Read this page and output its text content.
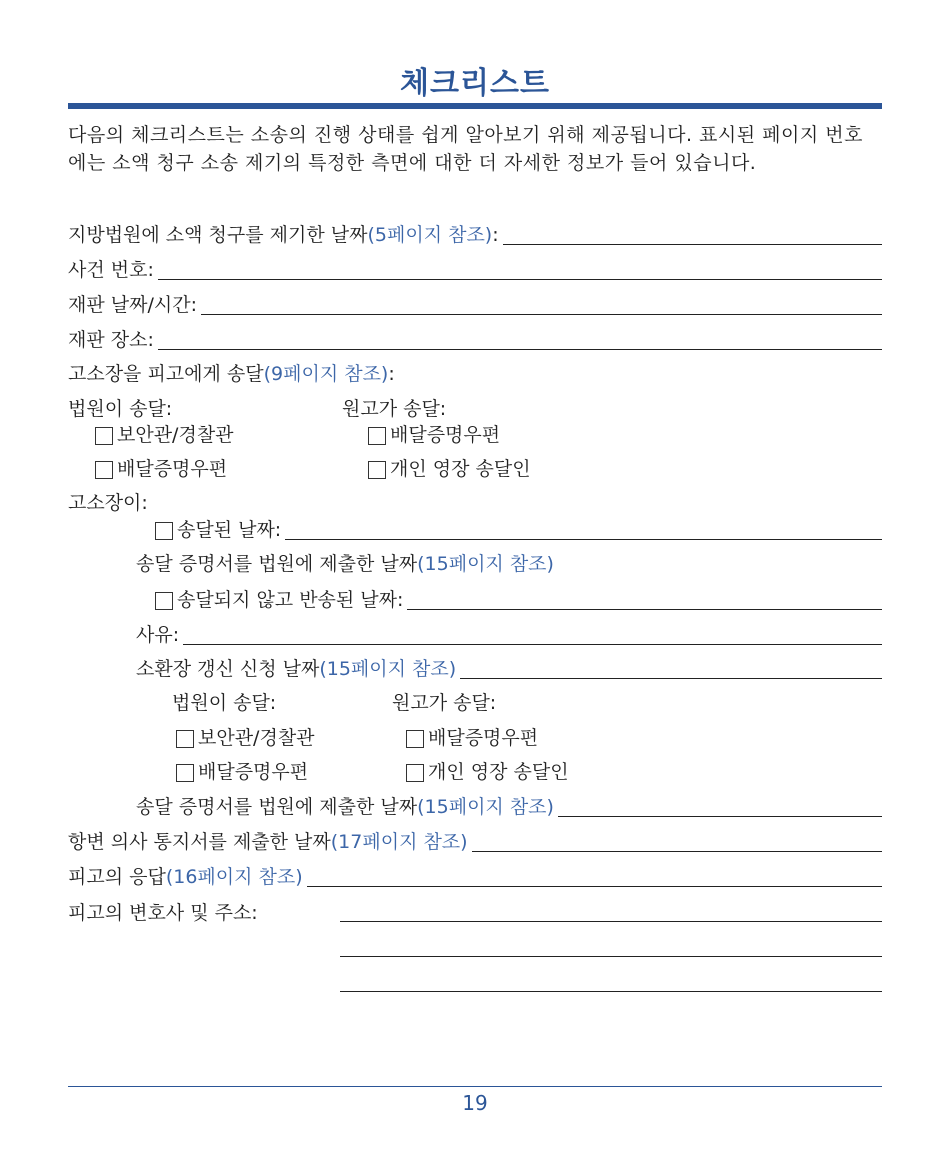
체크리스트
다음의 체크리스트는 소송의 진행 상태를 쉽게 알아보기 위해 제공됩니다. 표시된 페이지 번호에는 소액 청구 소송 제기의 특정한 측면에 대한 더 자세한 정보가 들어 있습니다.
지방법원에 소액 청구를 제기한 날짜 (5페이지 참조) :
사건 번호:
재판 날짜/시간:
재판 장소:
고소장을 피고에게 송달 (9페이지 참조) :
법원이 송달:	원고가 송달:
보안관/경찰관	배달증명우편
배달증명우편	개인 영장 송달인
고소장이:
송달된 날짜:
송달 증명서를 법원에 제출한 날짜 (15페이지 참조)
송달되지 않고 반송된 날짜:
사유:
소환장 갱신 신청 날짜 (15페이지 참조)
법원이 송달:	원고가 송달:
보안관/경찰관	배달증명우편
배달증명우편	개인 영장 송달인
송달 증명서를 법원에 제출한 날짜 (15페이지 참조)
항변 의사 통지서를 제출한 날짜 (17페이지 참조)
피고의 응답 (16페이지 참조)
피고의 변호사 및 주소:
19
